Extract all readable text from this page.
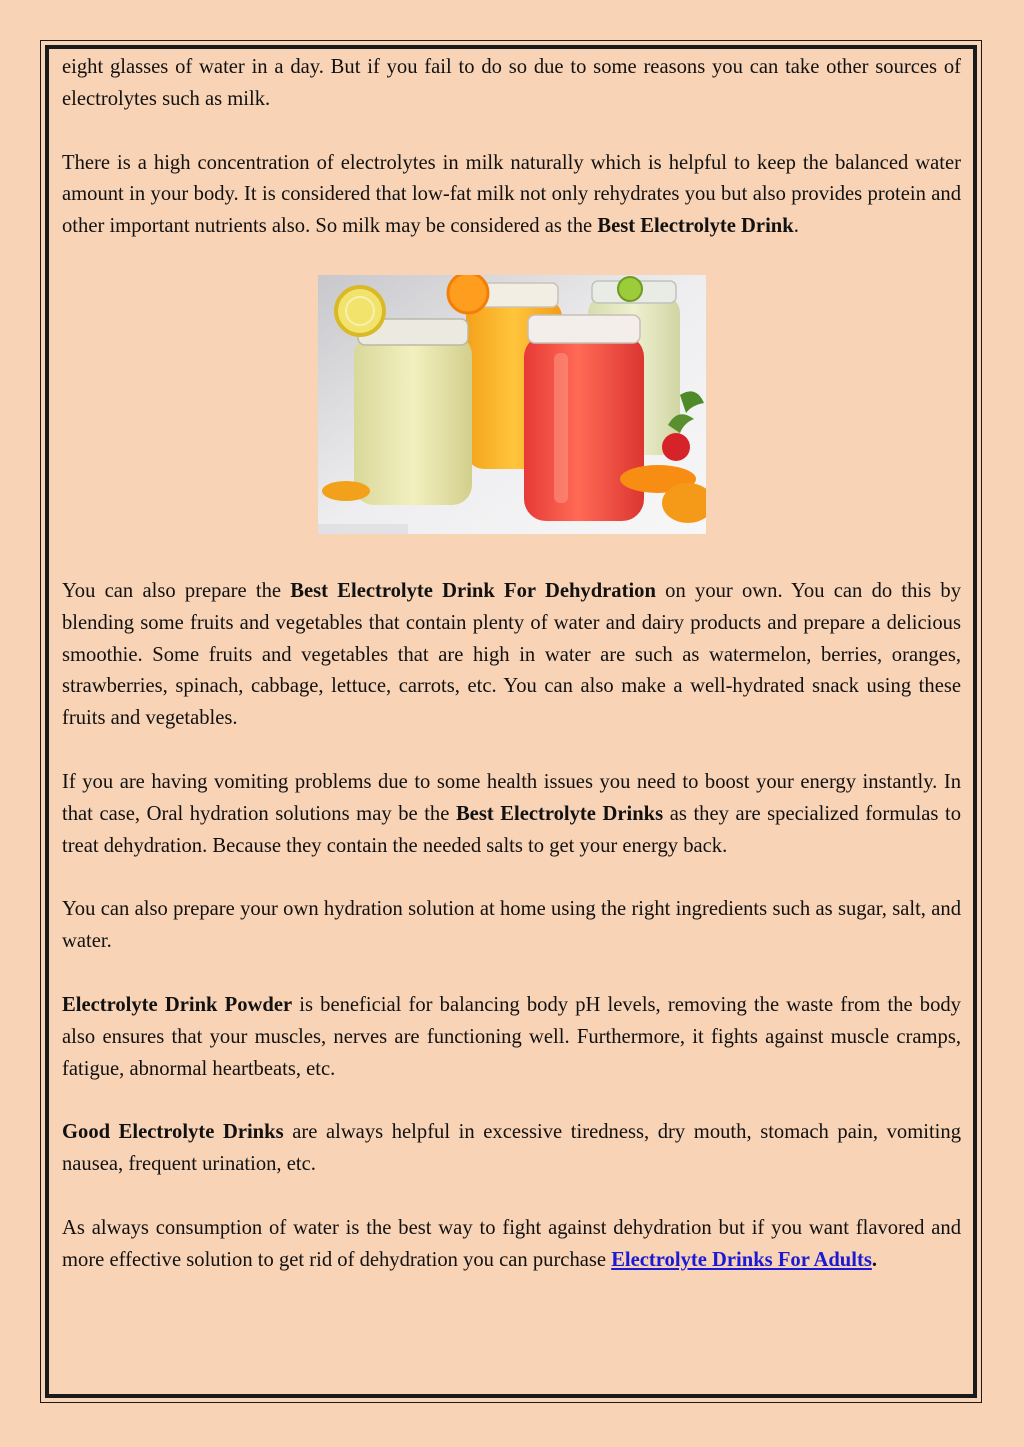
eight glasses of water in a day. But if you fail to do so due to some reasons you can take other sources of electrolytes such as milk.

There is a high concentration of electrolytes in milk naturally which is helpful to keep the balanced water amount in your body. It is considered that low-fat milk not only rehydrates you but also provides protein and other important nutrients also. So milk may be considered as the Best Electrolyte Drink.

You can also prepare the Best Electrolyte Drink For Dehydration on your own. You can do this by blending some fruits and vegetables that contain plenty of water and dairy products and prepare a delicious smoothie. Some fruits and vegetables that are high in water are such as watermelon, berries, oranges, strawberries, spinach, cabbage, lettuce, carrots, etc. You can also make a well-hydrated snack using these fruits and vegetables.

If you are having vomiting problems due to some health issues you need to boost your energy instantly. In that case, Oral hydration solutions may be the Best Electrolyte Drinks as they are specialized formulas to treat dehydration. Because they contain the needed salts to get your energy back.

You can also prepare your own hydration solution at home using the right ingredients such as sugar, salt, and water.

Electrolyte Drink Powder is beneficial for balancing body pH levels, removing the waste from the body also ensures that your muscles, nerves are functioning well. Furthermore, it fights against muscle cramps, fatigue, abnormal heartbeats, etc.

Good Electrolyte Drinks are always helpful in excessive tiredness, dry mouth, stomach pain, vomiting nausea, frequent urination, etc.

As always consumption of water is the best way to fight against dehydration but if you want flavored and more effective solution to get rid of dehydration you can purchase Electrolyte Drinks For Adults.
